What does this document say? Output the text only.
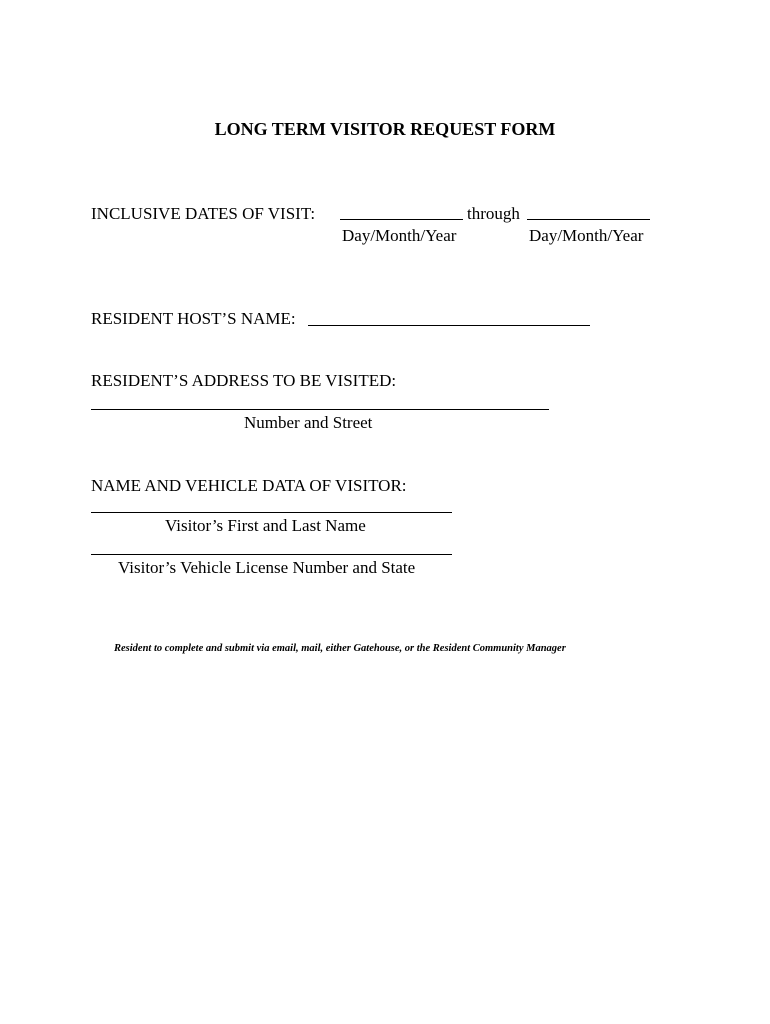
LONG TERM VISITOR REQUEST FORM
INCLUSIVE DATES OF VISIT:	through
Day/Month/Year	Day/Month/Year
RESIDENT HOST’S NAME:
RESIDENT’S ADDRESS TO BE VISITED:
Number and Street
NAME AND VEHICLE DATA OF VISITOR:
Visitor’s First and Last Name
Visitor’s Vehicle License Number and State
Resident to complete and submit via email, mail, either Gatehouse, or the Resident Community Manager
